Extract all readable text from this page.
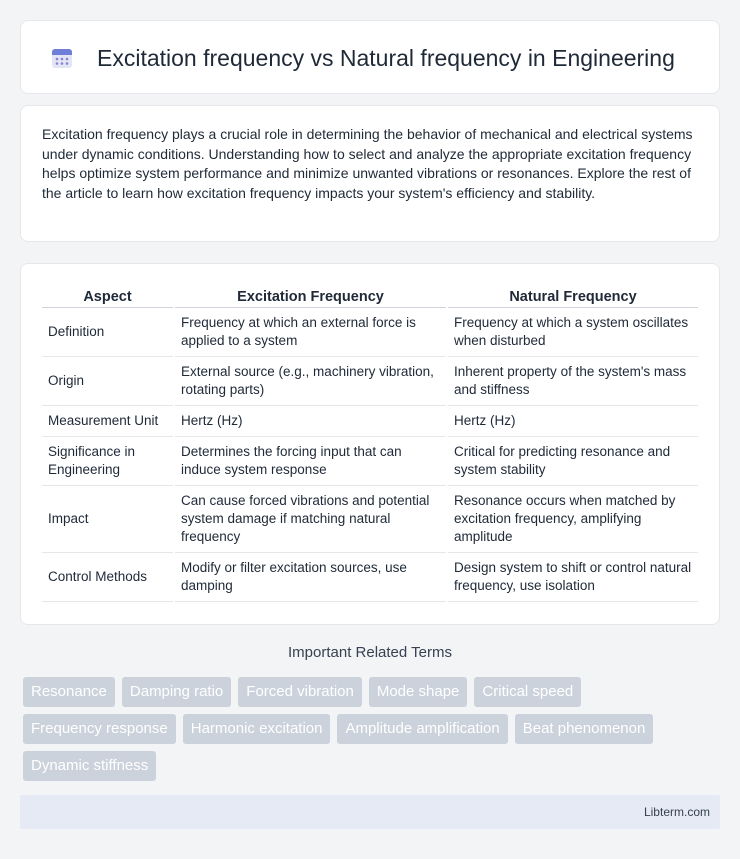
Excitation frequency vs Natural frequency in Engineering

Excitation frequency plays a crucial role in determining the behavior of mechanical and electrical systems under dynamic conditions. Understanding how to select and analyze the appropriate excitation frequency helps optimize system performance and minimize unwanted vibrations or resonances. Explore the rest of the article to learn how excitation frequency impacts your system's efficiency and stability.

Aspect	Excitation Frequency	Natural Frequency
Definition	Frequency at which an external force is applied to a system	Frequency at which a system oscillates when disturbed
Origin	External source (e.g., machinery vibration, rotating parts)	Inherent property of the system's mass and stiffness
Measurement Unit	Hertz (Hz)	Hertz (Hz)
Significance in Engineering	Determines the forcing input that can induce system response	Critical for predicting resonance and system stability
Impact	Can cause forced vibrations and potential system damage if matching natural frequency	Resonance occurs when matched by excitation frequency, amplifying amplitude
Control Methods	Modify or filter excitation sources, use damping	Design system to shift or control natural frequency, use isolation
Important Related Terms
Resonance	Damping ratio	Forced vibration	Mode shape	Critical speed
Frequency response	Harmonic excitation	Amplitude amplification	Beat phenomenon
Dynamic stiffness
Libterm.com
